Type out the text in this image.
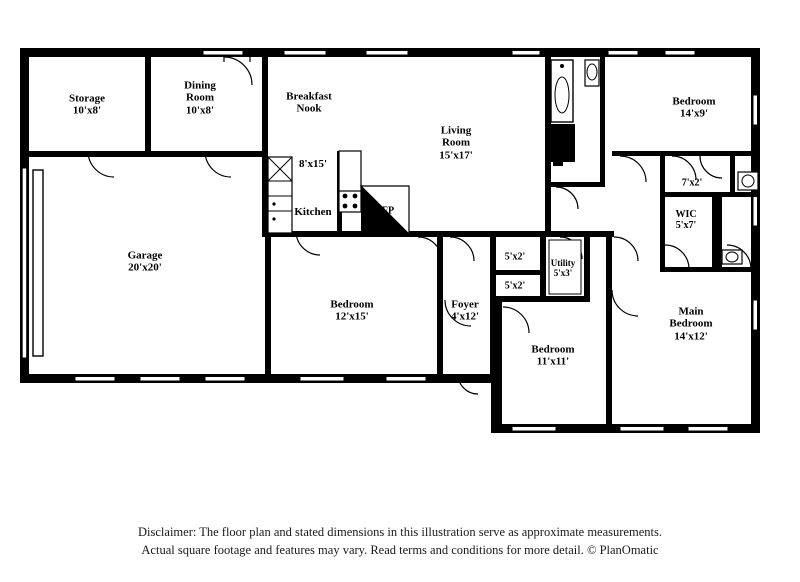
Storage
10'x8'
Dining
Room
10'x8'
Breakfast
Nook
Living
Room
15'x17'
Bedroom
14'x9'
7'x2'
WIC
5'x7'
8'x15'
Kitchen	FP
Garage
20'x20'
Bedroom
12'x15'
Foyer
4'x12'
5'x2'
5'x2'
Utility
5'x3'
Bedroom
11'x11'
Main
Bedroom
14'x12'
Disclaimer: The floor plan and stated dimensions in this illustration serve as approximate measurements.
Actual square footage and features may vary. Read terms and conditions for more detail. © PlanOmatic
